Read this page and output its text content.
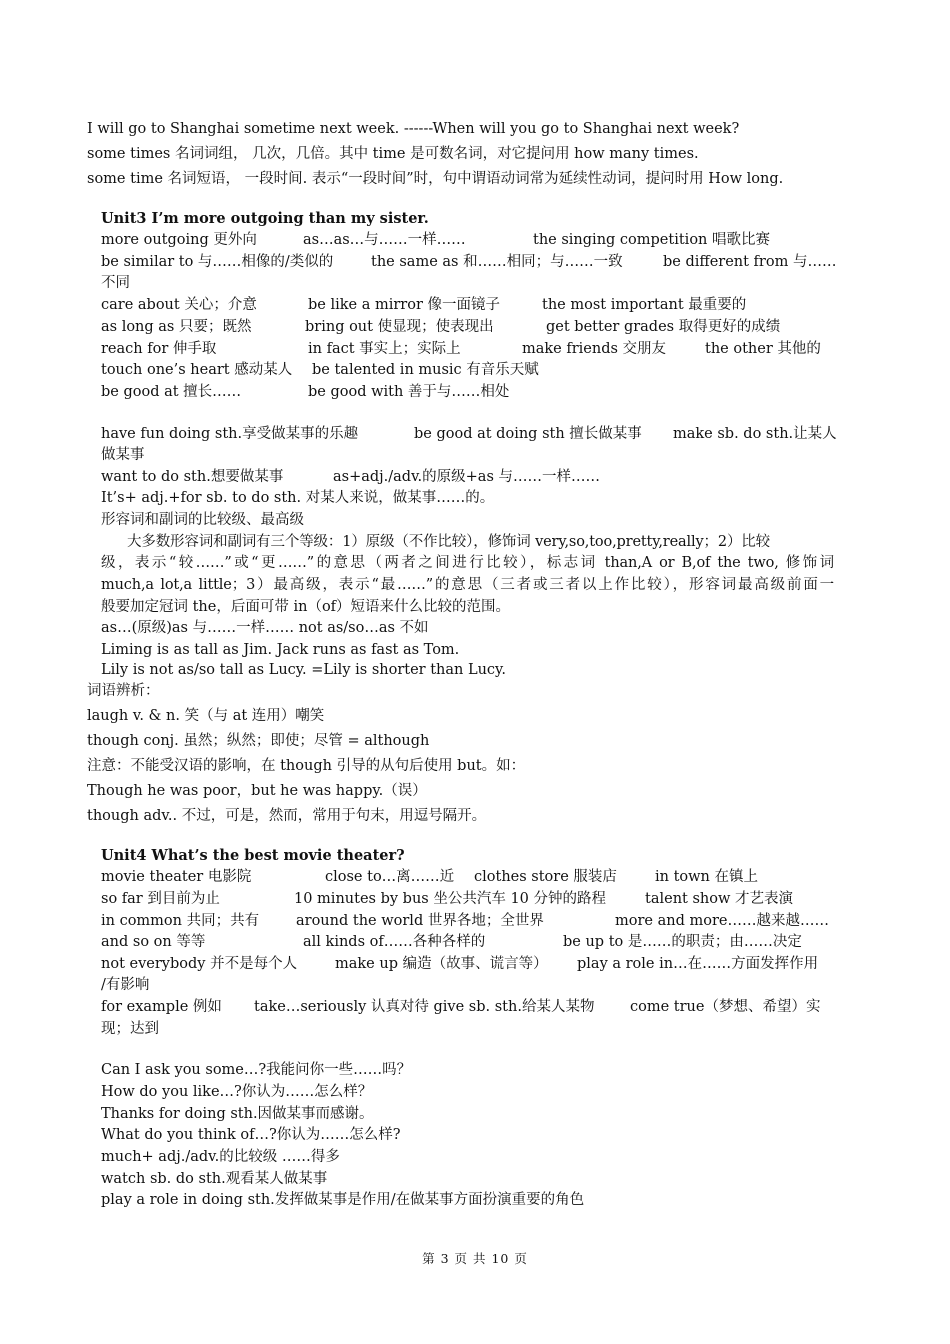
I will go to Shanghai sometime next week. ------When will you go to Shanghai next week?
some times 名词词组， 几次，几倍。其中 time 是可数名词，对它提问用 how many times.
some time 名词短语， 一段时间. 表示“一段时间”时，句中谓语动词常为延续性动词，提问时用 How long.
Unit3 I’m more outgoing than my sister.
more outgoing 更外向	as…as…与……一样……	the singing competition 唱歌比赛
be similar to 与……相像的/类似的	the same as 和……相同；与……一致	be different from 与……
不同
care about 关心；介意	be like a mirror 像一面镜子	the most important 最重要的
as long as 只要；既然	bring out 使显现；使表现出	get better grades 取得更好的成绩
reach for 伸手取	in fact 事实上；实际上	make friends 交朋友	the other 其他的
touch one’s heart 感动某人 be talented in music 有音乐天赋
be good at 擅长……	be good with 善于与……相处
have fun doing sth.享受做某事的乐趣	be good at doing sth 擅长做某事 make sb. do sth.让某人
做某事
want to do sth.想要做某事	as+adj./adv.的原级+as 与……一样……
It’s+ adj.+for sb. to do sth. 对某人来说，做某事……的。
形容词和副词的比较级、最高级
大多数形容词和副词有三个等级：1）原级（不作比较），修饰词 very,so,too,pretty,really；2）比较
级，表示“较……”或“更……”的意思（两者之间进行比较），标志词 than,A or B,of the two, 修饰词
much,a lot,a little；3）最高级，表示“最……”的意思（三者或三者以上作比较），形容词最高级前面一
般要加定冠词 the，后面可带 in（of）短语来什么比较的范围。
as…(原级)as 与……一样…… not as/so…as 不如
Liming is as tall as Jim. Jack runs as fast as Tom.
Lily is not as/so tall as Lucy. =Lily is shorter than Lucy.
词语辨析：
laugh v. & n. 笑（与 at 连用）嘲笑
though conj. 虽然；纵然；即使；尽管 = although
注意：不能受汉语的影响，在 though 引导的从句后使用 but。如：
Though he was poor，but he was happy.（误）
though adv.. 不过，可是，然而，常用于句末，用逗号隔开。
Unit4 What’s the best movie theater?
movie theater 电影院	close to…离……近 clothes store 服装店	in town 在镇上
so far 到目前为止	10 minutes by bus 坐公共汽车 10 分钟的路程	talent show 才艺表演
in common 共同；共有	around the world 世界各地；全世界	more and more……越来越……
and so on 等等	all kinds of……各种各样的	be up to 是……的职责；由……决定
not everybody 并不是每个人	make up 编造（故事、谎言等） play a role in…在……方面发挥作用
/有影响
for example 例如 take…seriously 认真对待 give sb. sth.给某人某物 come true（梦想、希望）实
现；达到
Can I ask you some…?我能问你一些……吗？
How do you like…?你认为……怎么样？
Thanks for doing sth.因做某事而感谢。
What do you think of…?你认为……怎么样?
much+ adj./adv.的比较级 ……得多
watch sb. do sth.观看某人做某事
play a role in doing sth.发挥做某事是作用/在做某事方面扮演重要的角色
第 3 页 共 10 页
